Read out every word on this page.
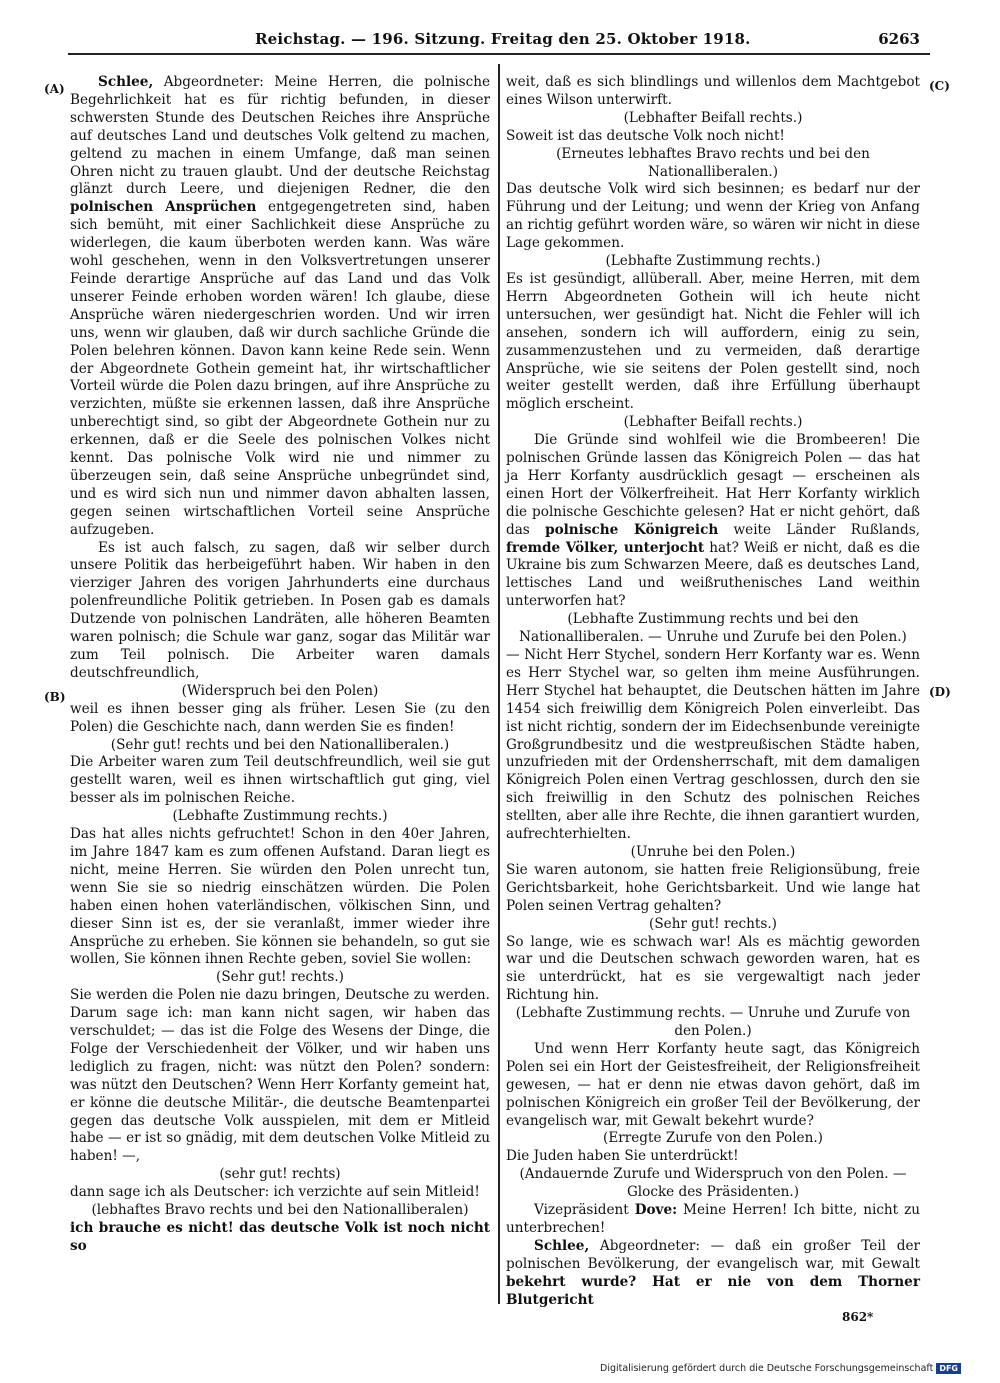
Reichstag. — 196. Sitzung. Freitag den 25. Oktober 1918.	6263
(A)
(B)
(C)
(D)

Schlee, Abgeordneter: Meine Herren, die polnische Begehrlichkeit hat es für richtig befunden, in dieser schwersten Stunde des Deutschen Reiches ihre Ansprüche auf deutsches Land und deutsches Volk geltend zu machen, geltend zu machen in einem Umfange, daß man seinen Ohren nicht zu trauen glaubt. Und der deutsche Reichstag glänzt durch Leere, und diejenigen Redner, die den polnischen Ansprüchen entgegengetreten sind, haben sich bemüht, mit einer Sachlichkeit diese Ansprüche zu widerlegen, die kaum überboten werden kann. Was wäre wohl geschehen, wenn in den Volksvertretungen unserer Feinde derartige Ansprüche auf das Land und das Volk unserer Feinde erhoben worden wären! Ich glaube, diese Ansprüche wären niedergeschrien worden. Und wir irren uns, wenn wir glauben, daß wir durch sachliche Gründe die Polen belehren können. Davon kann keine Rede sein. Wenn der Abgeordnete Gothein gemeint hat, ihr wirtschaftlicher Vorteil würde die Polen dazu bringen, auf ihre Ansprüche zu verzichten, müßte sie erkennen lassen, daß ihre Ansprüche unberechtigt sind, so gibt der Abgeordnete Gothein nur zu erkennen, daß er die Seele des polnischen Volkes nicht kennt. Das polnische Volk wird nie und nimmer zu überzeugen sein, daß seine Ansprüche unbegründet sind, und es wird sich nun und nimmer davon abhalten lassen, gegen seinen wirtschaftlichen Vorteil seine Ansprüche aufzugeben.

Es ist auch falsch, zu sagen, daß wir selber durch unsere Politik das herbeigeführt haben. Wir haben in den vierziger Jahren des vorigen Jahrhunderts eine durchaus polenfreundliche Politik getrieben. In Posen gab es damals Dutzende von polnischen Landräten, alle höheren Beamten waren polnisch; die Schule war ganz, sogar das Militär war zum Teil polnisch. Die Arbeiter waren damals deutschfreundlich,

(Widerspruch bei den Polen)

weil es ihnen besser ging als früher. Lesen Sie (zu den Polen) die Geschichte nach, dann werden Sie es finden!

(Sehr gut! rechts und bei den Nationalliberalen.)

Die Arbeiter waren zum Teil deutschfreundlich, weil sie gut gestellt waren, weil es ihnen wirtschaftlich gut ging, viel besser als im polnischen Reiche.

(Lebhafte Zustimmung rechts.)

Das hat alles nichts gefruchtet! Schon in den 40er Jahren, im Jahre 1847 kam es zum offenen Aufstand. Daran liegt es nicht, meine Herren. Sie würden den Polen unrecht tun, wenn Sie sie so niedrig einschätzen würden. Die Polen haben einen hohen vaterländischen, völkischen Sinn, und dieser Sinn ist es, der sie veranlaßt, immer wieder ihre Ansprüche zu erheben. Sie können sie behandeln, so gut sie wollen, Sie können ihnen Rechte geben, soviel Sie wollen:

(Sehr gut! rechts.)

Sie werden die Polen nie dazu bringen, Deutsche zu werden. Darum sage ich: man kann nicht sagen, wir haben das verschuldet; — das ist die Folge des Wesens der Dinge, die Folge der Verschiedenheit der Völker, und wir haben uns lediglich zu fragen, nicht: was nützt den Polen? sondern: was nützt den Deutschen? Wenn Herr Korfanty gemeint hat, er könne die deutsche Militär-, die deutsche Beamtenpartei gegen das deutsche Volk ausspielen, mit dem er Mitleid habe — er ist so gnädig, mit dem deutschen Volke Mitleid zu haben! —,

(sehr gut! rechts)

dann sage ich als Deutscher: ich verzichte auf sein Mitleid!

(lebhaftes Bravo rechts und bei den Nationalliberalen)

ich brauche es nicht! das deutsche Volk ist noch nicht so

weit, daß es sich blindlings und willenlos dem Machtgebot eines Wilson unterwirft.

(Lebhafter Beifall rechts.)

Soweit ist das deutsche Volk noch nicht!

(Erneutes lebhaftes Bravo rechts und bei den Nationalliberalen.)

Das deutsche Volk wird sich besinnen; es bedarf nur der Führung und der Leitung; und wenn der Krieg von Anfang an richtig geführt worden wäre, so wären wir nicht in diese Lage gekommen.

(Lebhafte Zustimmung rechts.)

Es ist gesündigt, allüberall. Aber, meine Herren, mit dem Herrn Abgeordneten Gothein will ich heute nicht untersuchen, wer gesündigt hat. Nicht die Fehler will ich ansehen, sondern ich will auffordern, einig zu sein, zusammenzustehen und zu vermeiden, daß derartige Ansprüche, wie sie seitens der Polen gestellt sind, noch weiter gestellt werden, daß ihre Erfüllung überhaupt möglich erscheint.

(Lebhafter Beifall rechts.)

Die Gründe sind wohlfeil wie die Brombeeren! Die polnischen Gründe lassen das Königreich Polen — das hat ja Herr Korfanty ausdrücklich gesagt — erscheinen als einen Hort der Völkerfreiheit. Hat Herr Korfanty wirklich die polnische Geschichte gelesen? Hat er nicht gehört, daß das polnische Königreich weite Länder Rußlands, fremde Völker, unterjocht hat? Weiß er nicht, daß es die Ukraine bis zum Schwarzen Meere, daß es deutsches Land, lettisches Land und weißruthenisches Land weithin unterworfen hat?

(Lebhafte Zustimmung rechts und bei den Nationalliberalen. — Unruhe und Zurufe bei den Polen.)

— Nicht Herr Stychel, sondern Herr Korfanty war es. Wenn es Herr Stychel war, so gelten ihm meine Ausführungen. Herr Stychel hat behauptet, die Deutschen hätten im Jahre 1454 sich freiwillig dem Königreich Polen einverleibt. Das ist nicht richtig, sondern der im Eidechsenbunde vereinigte Großgrundbesitz und die westpreußischen Städte haben, unzufrieden mit der Ordensherrschaft, mit dem damaligen Königreich Polen einen Vertrag geschlossen, durch den sie sich freiwillig in den Schutz des polnischen Reiches stellten, aber alle ihre Rechte, die ihnen garantiert wurden, aufrechterhielten.

(Unruhe bei den Polen.)

Sie waren autonom, sie hatten freie Religionsübung, freie Gerichtsbarkeit, hohe Gerichtsbarkeit. Und wie lange hat Polen seinen Vertrag gehalten?

(Sehr gut! rechts.)

So lange, wie es schwach war! Als es mächtig geworden war und die Deutschen schwach geworden waren, hat es sie unterdrückt, hat es sie vergewaltigt nach jeder Richtung hin.

(Lebhafte Zustimmung rechts. — Unruhe und Zurufe von den Polen.)

Und wenn Herr Korfanty heute sagt, das Königreich Polen sei ein Hort der Geistesfreiheit, der Religionsfreiheit gewesen, — hat er denn nie etwas davon gehört, daß im polnischen Königreich ein großer Teil der Bevölkerung, der evangelisch war, mit Gewalt bekehrt wurde?

(Erregte Zurufe von den Polen.)

Die Juden haben Sie unterdrückt!

(Andauernde Zurufe und Widerspruch von den Polen. — Glocke des Präsidenten.)

Vizepräsident Dove: Meine Herren! Ich bitte, nicht zu unterbrechen!

Schlee, Abgeordneter: — daß ein großer Teil der polnischen Bevölkerung, der evangelisch war, mit Gewalt bekehrt wurde? Hat er nie von dem Thorner Blutgericht

862*
Digitalisierung gefördert durch die Deutsche Forschungsgemeinschaft DFG
